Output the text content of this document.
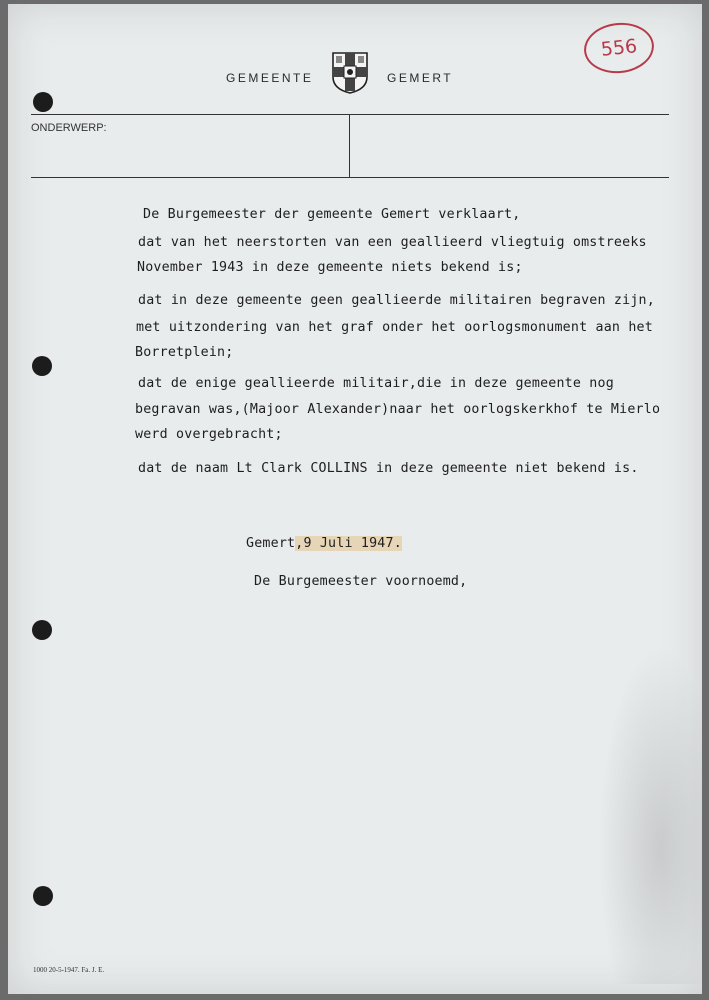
556
GEMEENTE	GEMERT
ONDERWERP:
De Burgemeester der gemeente Gemert verklaart,
dat van het neerstorten van een geallieerd vliegtuig omstreeks
November 1943 in deze gemeente niets bekend is;
dat in deze gemeente geen geallieerde militairen begraven zijn,
met uitzondering van het graf onder het oorlogsmonument aan het
Borretplein;
dat de enige geallieerde militair,die in deze gemeente nog
begravan was,(Majoor Alexander)naar het oorlogskerkhof te Mierlo
werd overgebracht;
dat de naam Lt Clark COLLINS in deze gemeente niet bekend is.
Gemert,9 Juli 1947.
De Burgemeester voornoemd,
1000 20-5-1947. Fa. J. E.
